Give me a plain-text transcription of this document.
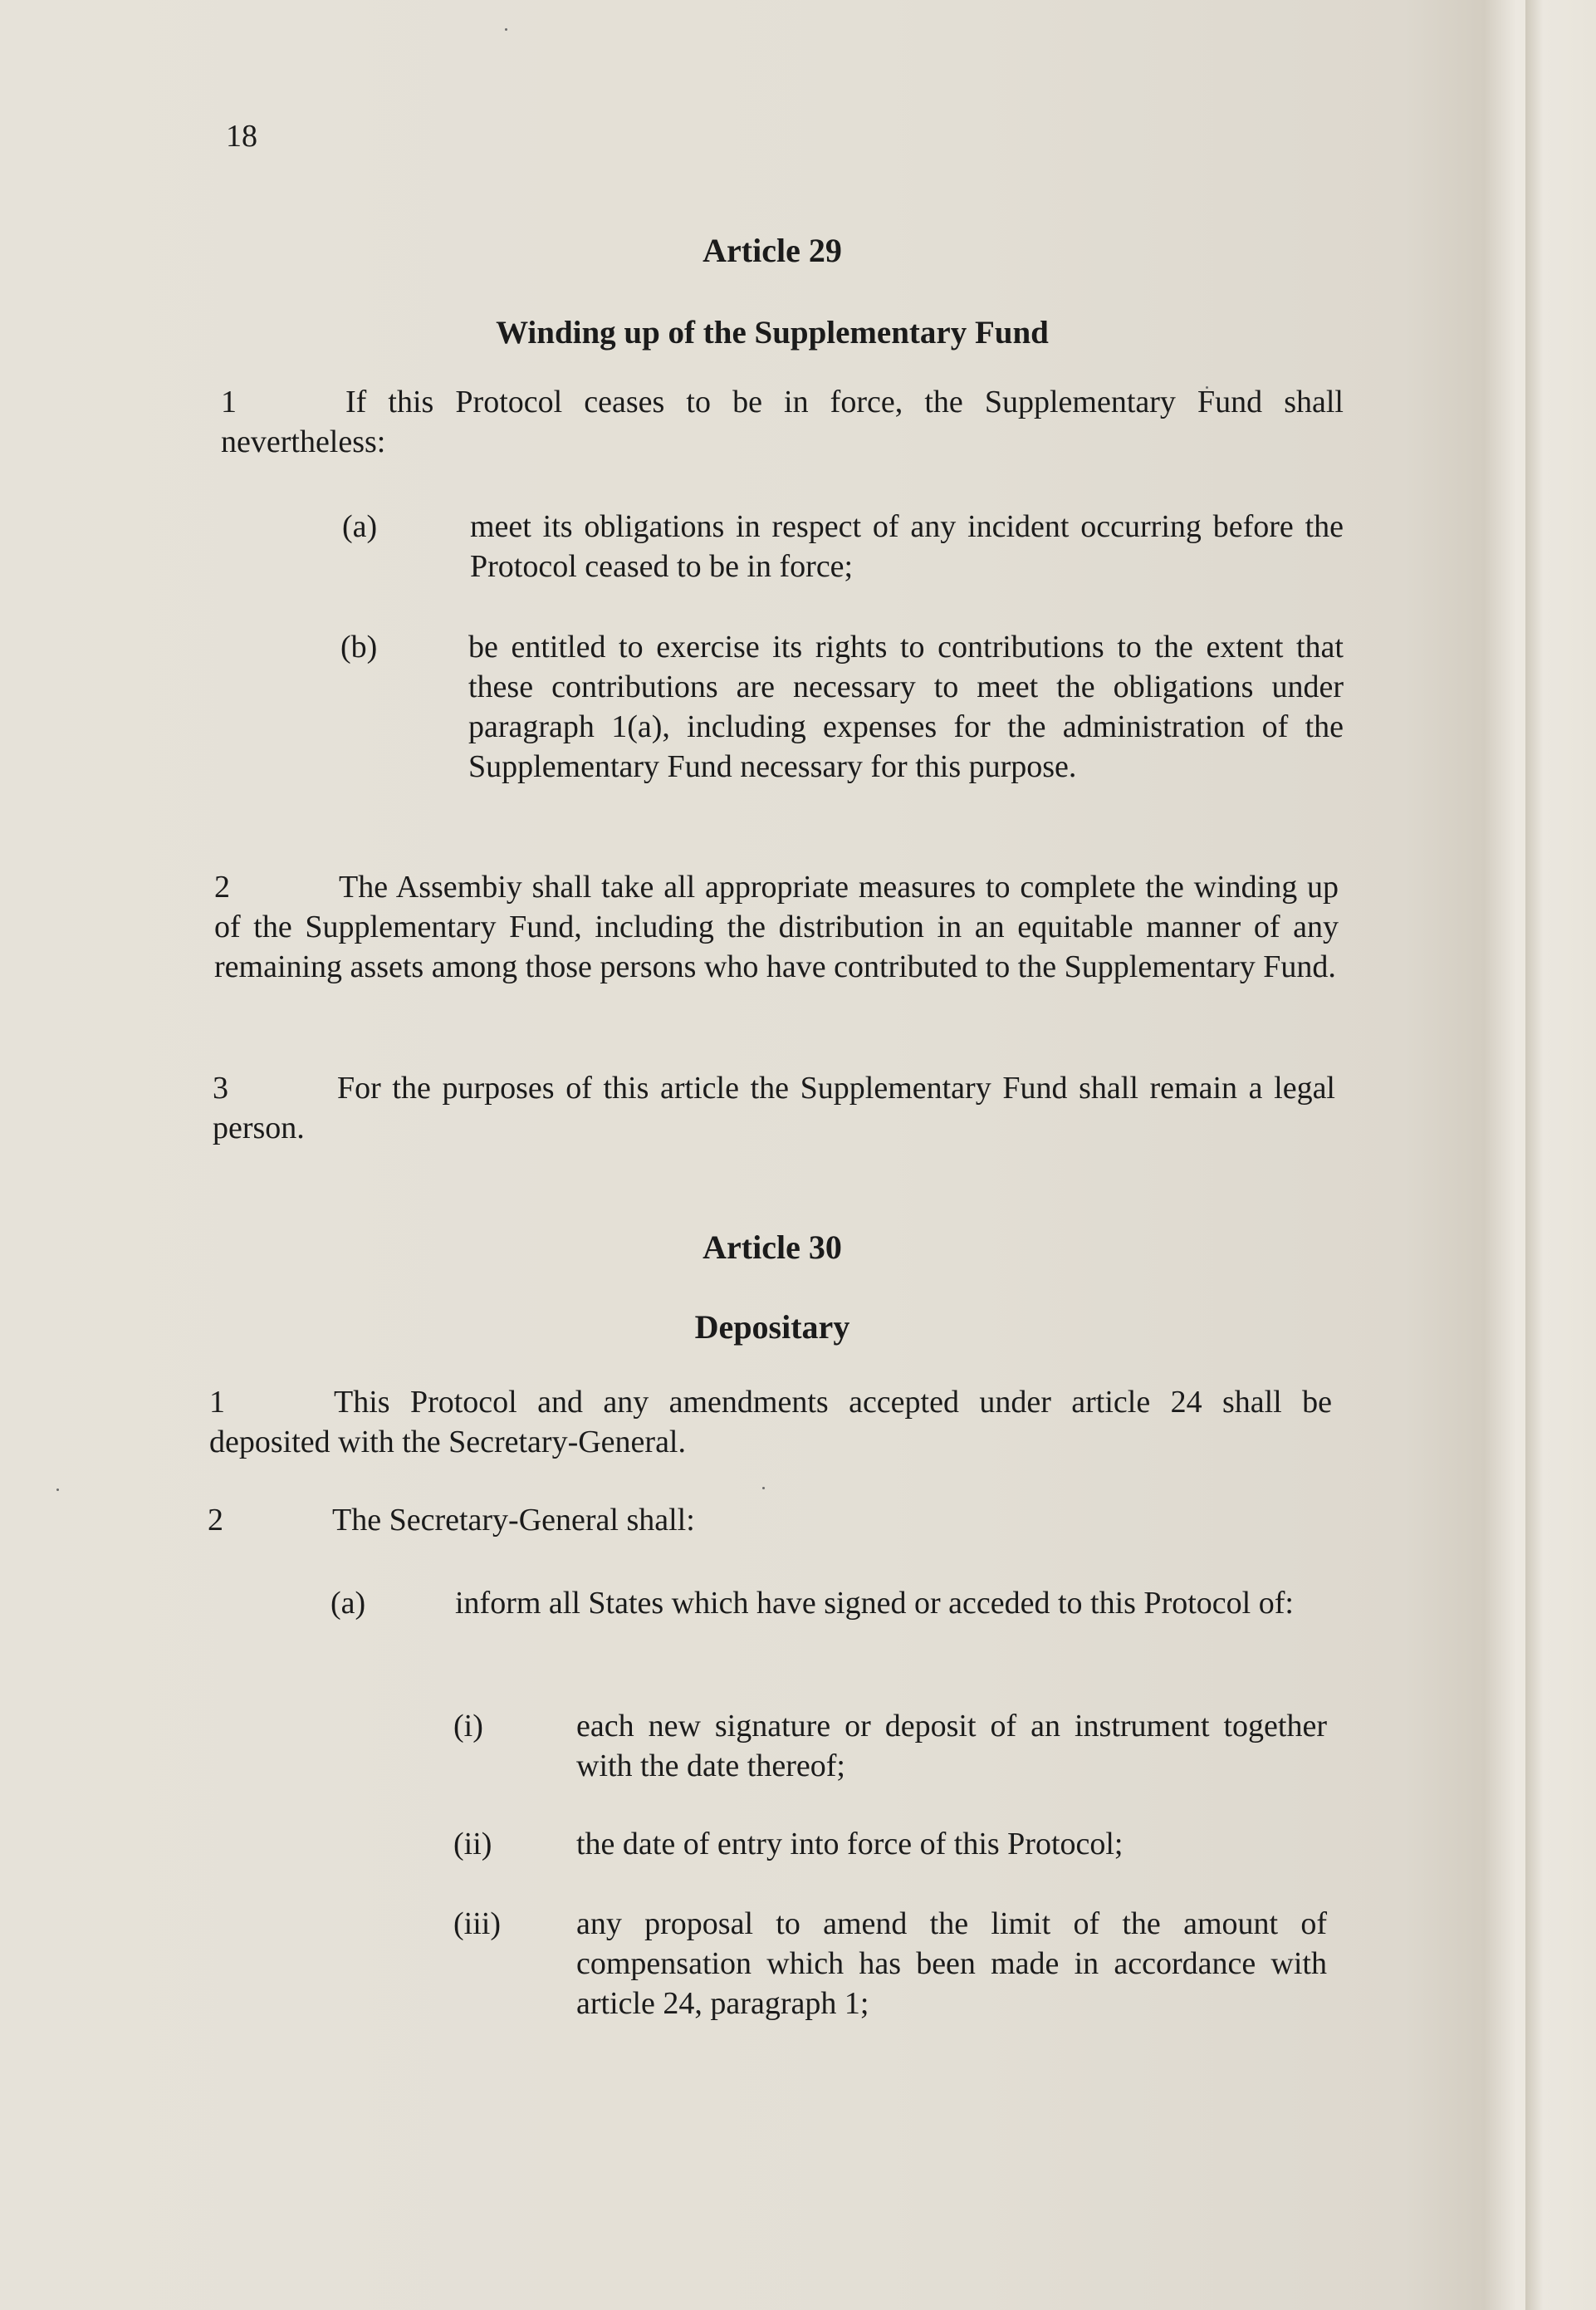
18
Article 29
Winding up of the Supplementary Fund
1	If this Protocol ceases to be in force, the Supplementary Fund shall nevertheless:
(a)	meet its obligations in respect of any incident occurring before the Protocol ceased to be in force;
(b)	be entitled to exercise its rights to contributions to the extent that these contributions are necessary to meet the obligations under paragraph 1(a), including expenses for the administration of the Supplementary Fund necessary for this purpose.
2	The Assembiy shall take all appropriate measures to complete the winding up of the Supplementary Fund, including the distribution in an equitable manner of any remaining assets among those persons who have contributed to the Supplementary Fund.
3	For the purposes of this article the Supplementary Fund shall remain a legal person.
Article 30
Depositary
1	This Protocol and any amendments accepted under article 24 shall be deposited with the Secretary-General.
2	The Secretary-General shall:
(a)	inform all States which have signed or acceded to this Protocol of:
(i)	each new signature or deposit of an instrument together with the date thereof;
(ii)	the date of entry into force of this Protocol;
(iii) any proposal to amend the limit of the amount of compensation which has been made in accordance with article 24, paragraph 1;
